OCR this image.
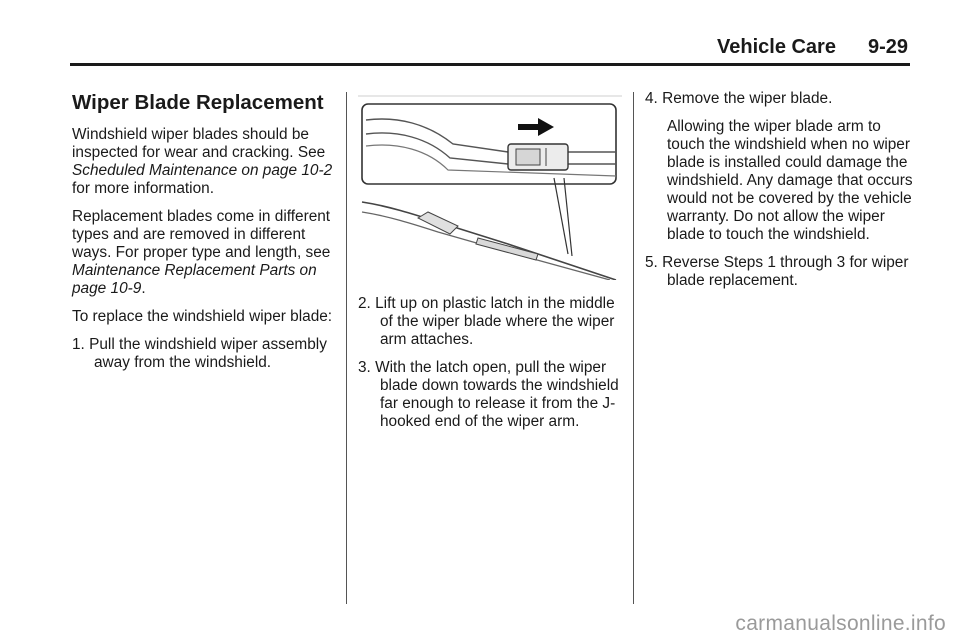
Vehicle Care 9-29
Wiper Blade Replacement

Windshield wiper blades should be inspected for wear and cracking. See Scheduled Maintenance on page 10-2 for more information.

Replacement blades come in different types and are removed in different ways. For proper type and length, see Maintenance Replacement Parts on page 10-9.

To replace the windshield wiper blade:

1. Pull the windshield wiper assembly away from the windshield.
2. Lift up on plastic latch in the middle of the wiper blade where the wiper arm attaches.
3. With the latch open, pull the wiper blade down towards the windshield far enough to release it from the J-hooked end of the wiper arm.
4. Remove the wiper blade.
Allowing the wiper blade arm to touch the windshield when no wiper blade is installed could damage the windshield. Any damage that occurs would not be covered by the vehicle warranty. Do not allow the wiper blade to touch the windshield.
5. Reverse Steps 1 through 3 for wiper blade replacement.
carmanualsonline.info
